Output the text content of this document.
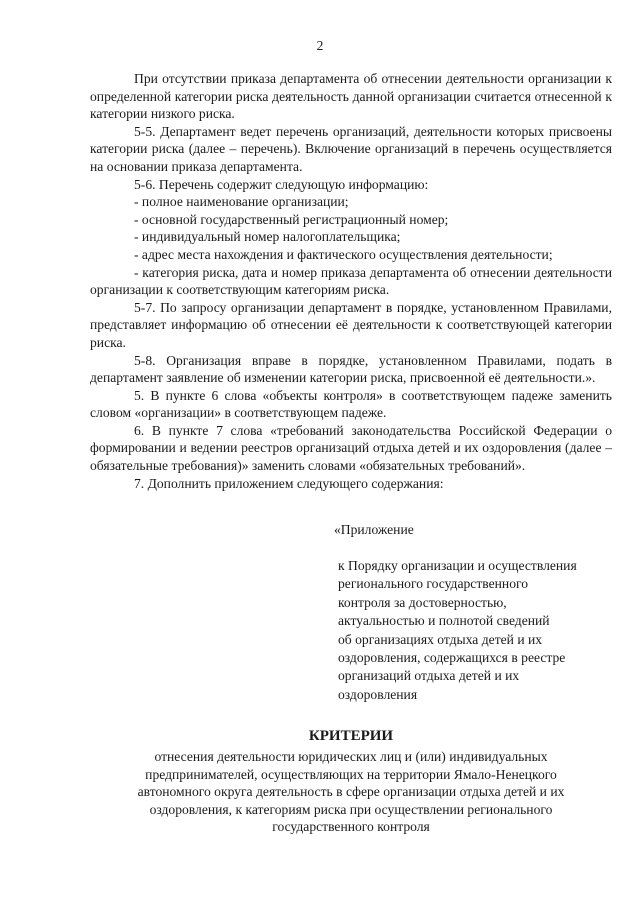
2

При отсутствии приказа департамента об отнесении деятельности организации к определенной категории риска деятельность данной организации считается отнесенной к категории низкого риска.

5-5. Департамент ведет перечень организаций, деятельности которых присвоены категории риска (далее – перечень). Включение организаций в перечень осуществляется на основании приказа департамента.

5-6. Перечень содержит следующую информацию:

- полное наименование организации;

- основной государственный регистрационный номер;

- индивидуальный номер налогоплательщика;

- адрес места нахождения и фактического осуществления деятельности;

- категория риска, дата и номер приказа департамента об отнесении деятельности организации к соответствующим категориям риска.

5-7. По запросу организации департамент в порядке, установленном Правилами, представляет информацию об отнесении её деятельности к соответствующей категории риска.

5-8. Организация вправе в порядке, установленном Правилами, подать в департамент заявление об изменении категории риска, присвоенной её деятельности.».

5. В пункте 6 слова «объекты контроля» в соответствующем падеже заменить словом «организации» в соответствующем падеже.

6. В пункте 7 слова «требований законодательства Российской Федерации о формировании и ведении реестров организаций отдыха детей и их оздоровления (далее – обязательные требования)» заменить словами «обязательных требований».

7. Дополнить приложением следующего содержания:

«Приложение
к Порядку организации и осуществления
регионального государственного
контроля за достоверностью,
актуальностью и полнотой сведений
об организациях отдыха детей и их
оздоровления, содержащихся в реестре
организаций отдыха детей и их
оздоровления
КРИТЕРИИ
отнесения деятельности юридических лиц и (или) индивидуальных
предпринимателей, осуществляющих на территории Ямало-Ненецкого
автономного округа деятельность в сфере организации отдыха детей и их
оздоровления, к категориям риска при осуществлении регионального
государственного контроля
